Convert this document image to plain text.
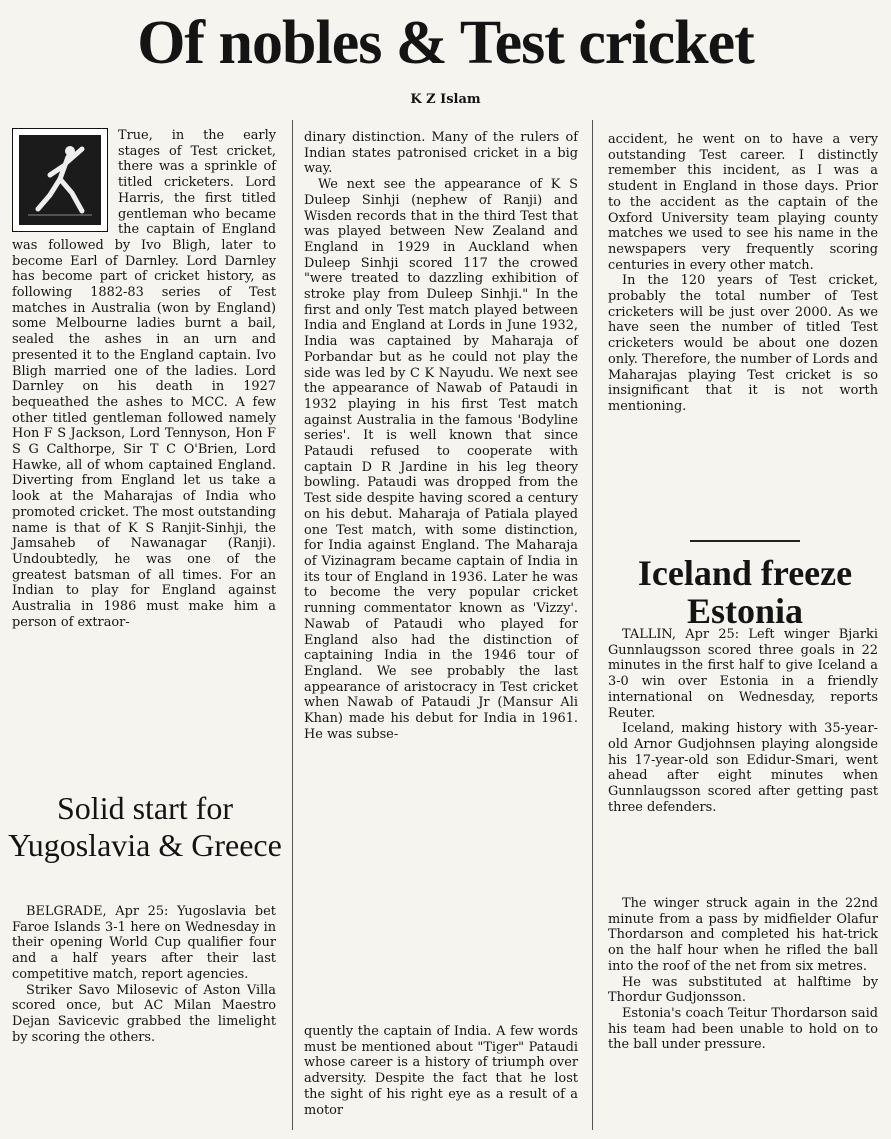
Of nobles & Test cricket
K Z Islam

True, in the early stages of Test cricket, there was a sprinkle of titled cricketers. Lord Harris, the first titled gentleman who became the captain of England was followed by Ivo Bligh, later to become Earl of Darnley. Lord Darnley has become part of cricket history, as following 1882-83 series of Test matches in Australia (won by England) some Melbourne ladies burnt a bail, sealed the ashes in an urn and presented it to the England captain. Ivo Bligh married one of the ladies. Lord Darnley on his death in 1927 bequeathed the ashes to MCC. A few other titled gentleman followed namely Hon F S Jackson, Lord Tennyson, Hon F S G Calthorpe, Sir T C O'Brien, Lord Hawke, all of whom captained England. Diverting from England let us take a look at the Maharajas of India who promoted cricket. The most outstanding name is that of K S Ranjit-Sinhji, the Jamsaheb of Nawanagar (Ranji). Undoubtedly, he was one of the greatest batsman of all times. For an Indian to play for England against Australia in 1986 must make him a person of extraor-

Solid start for Yugoslavia & Greece

BELGRADE, Apr 25: Yugoslavia bet Faroe Islands 3-1 here on Wednesday in their opening World Cup qualifier four and a half years after their last competitive match, report agencies.

Striker Savo Milosevic of Aston Villa scored once, but AC Milan Maestro Dejan Savicevic grabbed the limelight by scoring the others.

dinary distinction. Many of the rulers of Indian states patronised cricket in a big way.

We next see the appearance of K S Duleep Sinhji (nephew of Ranji) and Wisden records that in the third Test that was played between New Zealand and England in 1929 in Auckland when Duleep Sinhji scored 117 the crowed "were treated to dazzling exhibition of stroke play from Duleep Sinhji." In the first and only Test match played between India and England at Lords in June 1932, India was captained by Maharaja of Porbandar but as he could not play the side was led by C K Nayudu. We next see the appearance of Nawab of Pataudi in 1932 playing in his first Test match against Australia in the famous 'Bodyline series'. It is well known that since Pataudi refused to cooperate with captain D R Jardine in his leg theory bowling. Pataudi was dropped from the Test side despite having scored a century on his debut. Maharaja of Patiala played one Test match, with some distinction, for India against England. The Maharaja of Vizinagram became captain of India in its tour of England in 1936. Later he was to become the very popular cricket running commentator known as 'Vizzy'. Nawab of Pataudi who played for England also had the distinction of captaining India in the 1946 tour of England. We see probably the last appearance of aristocracy in Test cricket when Nawab of Pataudi Jr (Mansur Ali Khan) made his debut for India in 1961. He was subse-

quently the captain of India. A few words must be mentioned about "Tiger" Pataudi whose career is a history of triumph over adversity. Despite the fact that he lost the sight of his right eye as a result of a motor

accident, he went on to have a very outstanding Test career. I distinctly remember this incident, as I was a student in England in those days. Prior to the accident as the captain of the Oxford University team playing county matches we used to see his name in the newspapers very frequently scoring centuries in every other match.

In the 120 years of Test cricket, probably the total number of Test cricketers will be just over 2000. As we have seen the number of titled Test cricketers would be about one dozen only. Therefore, the number of Lords and Maharajas playing Test cricket is so insignificant that it is not worth mentioning.

Iceland freeze Estonia

TALLIN, Apr 25: Left winger Bjarki Gunnlaugsson scored three goals in 22 minutes in the first half to give Iceland a 3-0 win over Estonia in a friendly international on Wednesday, reports Reuter.

Iceland, making history with 35-year-old Arnor Gudjohnsen playing alongside his 17-year-old son Edidur-Smari, went ahead after eight minutes when Gunnlaugsson scored after getting past three defenders.

The winger struck again in the 22nd minute from a pass by midfielder Olafur Thordarson and completed his hat-trick on the half hour when he rifled the ball into the roof of the net from six metres.

He was substituted at halftime by Thordur Gudjonsson.

Estonia's coach Teitur Thordarson said his team had been unable to hold on to the ball under pressure.
